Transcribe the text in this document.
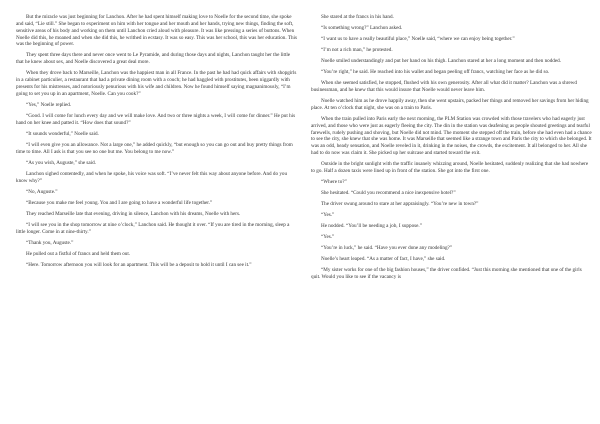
But the miracle was just beginning for Lanchon. After he had spent himself making love to Noelle for the second time, she spoke and said, “Lie still.” She began to experiment on him with her tongue and her mouth and her hands, trying new things, finding the soft, sensitive areas of his body and working on them until Lanchon cried aloud with pleasure. It was like pressing a series of buttons. When Noelle did this, he moaned and when she did this, he writhed in ecstasy. It was so easy. This was her school, this was her education. This was the beginning of power.

They spent three days there and never once went to Le Pyramide, and during those days and nights, Lanchon taught her the little that he knew about sex, and Noelle discovered a great deal more.

When they drove back to Marseille, Lanchon was the happiest man in all France. In the past he had had quick affairs with shopgirls in a cabinet particulier, a restaurant that had a private dining room with a couch; he had haggled with prostitutes, been niggardly with presents for his mistresses, and notoriously penurious with his wife and children. Now he found himself saying magnanimously, “I’m going to set you up in an apartment, Noelle. Can you cook?”

“Yes,” Noelle replied.

“Good. I will come for lunch every day and we will make love. And two or three nights a week, I will come for dinner.” He put his hand on her knee and patted it. “How does that sound?”

“It sounds wonderful,” Noelle said.

“I will even give you an allowance. Not a large one,” he added quickly, “but enough so you can go out and buy pretty things from time to time. All I ask is that you see no one but me. You belong to me now.”

“As you wish, Auguste,” she said.

Lanchon sighed contentedly, and when he spoke, his voice was soft. “I’ve never felt this way about anyone before. And do you know why?”

“No, Auguste.”

“Because you make me feel young. You and I are going to have a wonderful life together.”

They reached Marseille late that evening, driving in silence, Lanchon with his dreams, Noelle with hers.

“I will see you in the shop tomorrow at nine o’clock,” Lanchon said. He thought it over. “If you are tired in the morning, sleep a little longer. Come in at nine-thirty.”

“Thank you, Auguste.”

He pulled out a fistful of francs and held them out.

“Here. Tomorrow afternoon you will look for an apartment. This will be a deposit to hold it until I can see it.”

She stared at the francs in his hand.

“Is something wrong?” Lanchon asked.

“I want us to have a really beautiful place,” Noelle said, “where we can enjoy being together.”

“I’m not a rich man,” he protested.

Noelle smiled understandingly and put her hand on his thigh. Lanchon stared at her a long moment and then nodded.

“You’re right,” he said. He reached into his wallet and began peeling off francs, watching her face as he did so.

When she seemed satisfied, he stopped, flushed with his own generosity. After all what did it matter? Lanchon was a shrewd businessman, and he knew that this would insure that Noelle would never leave him.

Noelle watched him as he drove happily away, then she went upstairs, packed her things and removed her savings from her hiding place. At ten o’clock that night, she was on a train to Paris.

When the train pulled into Paris early the next morning, the PLM Station was crowded with those travelers who had eagerly just arrived, and those who were just as eagerly fleeing the city. The din in the station was deafening as people shouted greetings and tearful farewells, rudely pushing and shoving, but Noelle did not mind. The moment she stepped off the train, before she had even had a chance to see the city, she knew that she was home. It was Marseille that seemed like a strange town and Paris the city to which she belonged. It was an odd, heady sensation, and Noelle reveled in it, drinking in the noises, the crowds, the excitement. It all belonged to her. All she had to do now was claim it. She picked up her suitcase and started toward the exit.

Outside in the bright sunlight with the traffic insanely whizzing around, Noelle hesitated, suddenly realizing that she had nowhere to go. Half a dozen taxis were lined up in front of the station. She got into the first one.

“Where to?”

She hesitated. “Could you recommend a nice inexpensive hotel?”

The driver swung around to stare at her appraisingly. “You’re new in town?”

“Yes.”

He nodded. “You’ll be needing a job, I suppose.”

“Yes.”

“You’re in luck,” he said. “Have you ever done any modeling?”

Noelle’s heart leaped. “As a matter of fact, I have,” she said.

“My sister works for one of the big fashion houses,” the driver confided. “Just this morning she mentioned that one of the girls quit. Would you like to see if the vacancy is
